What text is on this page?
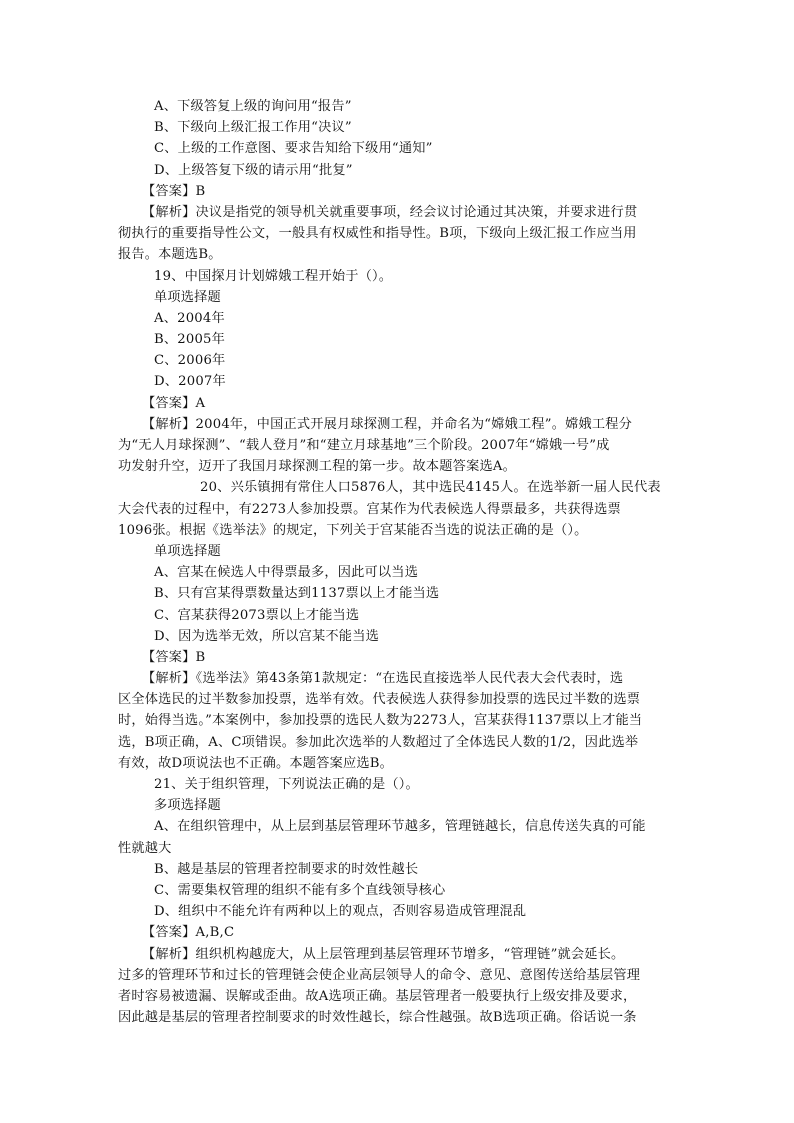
A、下级答复上级的询问用“报告”
B、下级向上级汇报工作用“决议”
C、上级的工作意图、要求告知给下级用“通知”
D、上级答复下级的请示用“批复”
【答案】B
【解析】决议是指党的领导机关就重要事项，经会议讨论通过其决策，并要求进行贯
彻执行的重要指导性公文，一般具有权威性和指导性。B项，下级向上级汇报工作应当用
报告。本题选B。
19、中国探月计划嫦娥工程开始于（）。
单项选择题
A、2004年
B、2005年
C、2006年
D、2007年
【答案】A
【解析】2004年，中国正式开展月球探测工程，并命名为“嫦娥工程”。嫦娥工程分
为“无人月球探测”、“载人登月”和“建立月球基地”三个阶段。2007年“嫦娥一号”成
功发射升空，迈开了我国月球探测工程的第一步。故本题答案选A。
20、兴乐镇拥有常住人口5876人，其中选民4145人。在选举新一届人民代表
大会代表的过程中，有2273人参加投票。宫某作为代表候选人得票最多，共获得选票
1096张。根据《选举法》的规定，下列关于宫某能否当选的说法正确的是（）。
单项选择题
A、宫某在候选人中得票最多，因此可以当选
B、只有宫某得票数量达到1137票以上才能当选
C、宫某获得2073票以上才能当选
D、因为选举无效，所以宫某不能当选
【答案】B
【解析】《选举法》第43条第1款规定：“在选民直接选举人民代表大会代表时，选
区全体选民的过半数参加投票，选举有效。代表候选人获得参加投票的选民过半数的选票
时，始得当选。”本案例中，参加投票的选民人数为2273人，宫某获得1137票以上才能当
选，B项正确，A、C项错误。参加此次选举的人数超过了全体选民人数的1/2，因此选举
有效，故D项说法也不正确。本题答案应选B。
21、关于组织管理，下列说法正确的是（）。
多项选择题
A、在组织管理中，从上层到基层管理环节越多，管理链越长，信息传送失真的可能
性就越大
B、越是基层的管理者控制要求的时效性越长
C、需要集权管理的组织不能有多个直线领导核心
D、组织中不能允许有两种以上的观点，否则容易造成管理混乱
【答案】A,B,C
【解析】组织机构越庞大，从上层管理到基层管理环节增多，“管理链”就会延长。
过多的管理环节和过长的管理链会使企业高层领导人的命令、意见、意图传送给基层管理
者时容易被遗漏、误解或歪曲。故A选项正确。基层管理者一般要执行上级安排及要求，
因此越是基层的管理者控制要求的时效性越长，综合性越强。故B选项正确。俗话说一条
